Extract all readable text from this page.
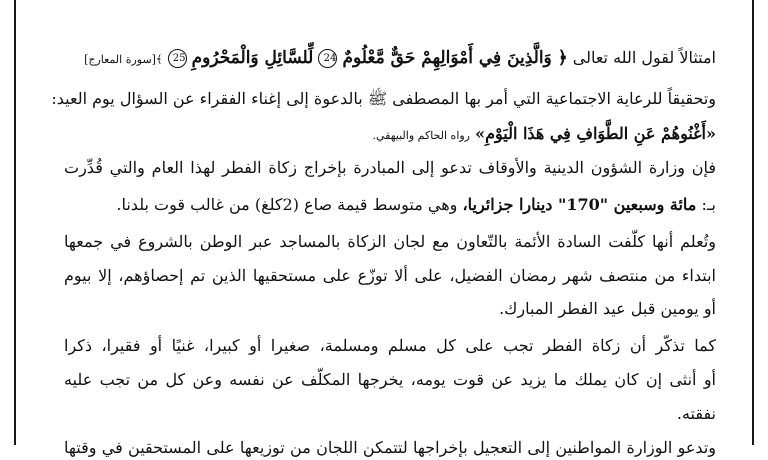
امتثالاً لقول الله تعالى ﴿ وَالَّذِينَ فِي أَمْوَالِهِمْ حَقٌّ مَّعْلُومٌ 24 لِّلسَّائِلِ وَالْمَحْرُومِ 25 ﴾[سورة المعارج]
وتحقيقاً للرعاية الاجتماعية التي أمر بها المصطفى ﷺ بالدعوة إلى إغناء الفقراء عن السؤال يوم العيد:
«أَغْنُوهُمْ عَنِ الطَّوَافِ فِي هَذَا الْيَوْمِ» رواه الحاكم والبيهقي.
فإن وزارة الشؤون الدينية والأوقاف تدعو إلى المبادرة بإخراج زكاة الفطر لهذا العام والتي قُدِّرت
بـ: مائة وسبعين "170" دينارا جزائريا، وهي متوسط قيمة صاع (2كلغ) من غالب قوت بلدنا.
وتُعلم أنها كلّفت السادة الأئمة بالتّعاون مع لجان الزكاة بالمساجد عبر الوطن بالشروع في جمعها
ابتداء من منتصف شهر رمضان الفضيل، على ألا توزّع على مستحقيها الذين تم إحصاؤهم، إلا بيوم
أو يومين قبل عيد الفطر المبارك.
كما تذكّر أن زكاة الفطر تجب على كل مسلم ومسلمة، صغيرا أو كبيرا، غنيًا أو فقيرا، ذكرا
أو أنثى إن كان يملك ما يزيد عن قوت يومه، يخرجها المكلّف عن نفسه وعن كل من تجب عليه
نفقته.
وتدعو الوزارة المواطنين إلى التعجيل بإخراجها لتتمكن اللجان من توزيعها على المستحقين في وقتها
